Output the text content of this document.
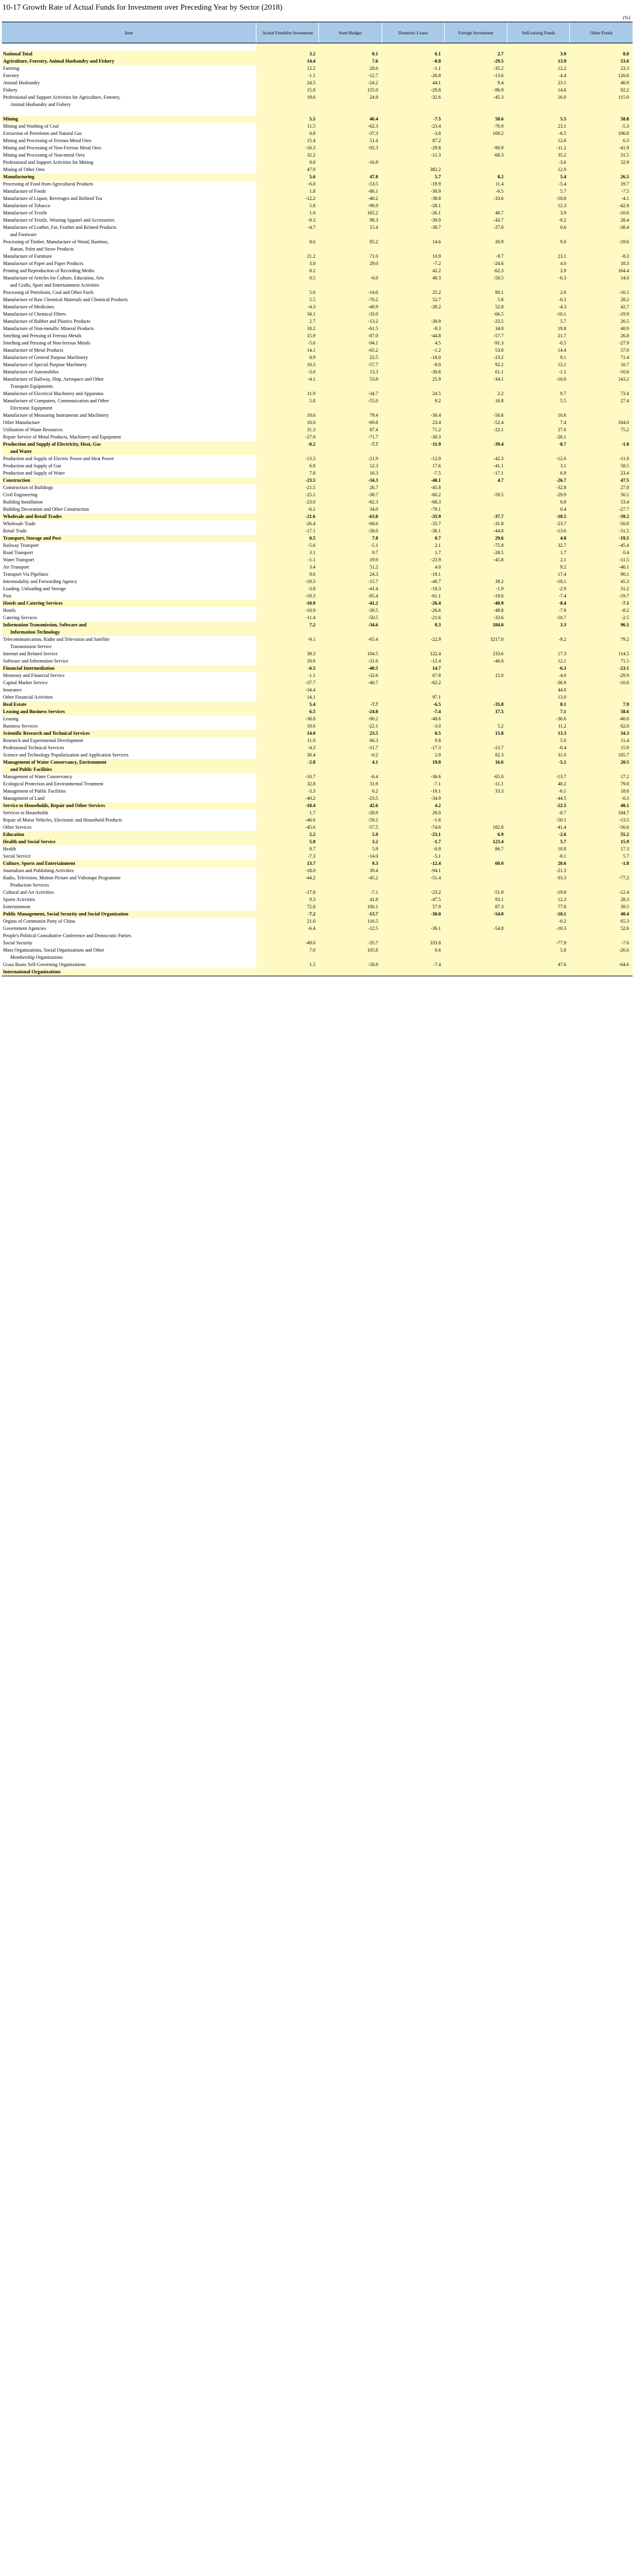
10-17 Growth Rate of Actual Funds for Investment over Preceding Year by Sector (2018)
(%)
Item	Actual Fundsfor Investment	State Budget	Domestic Loans	Foreign Investment	Self-raising Funds	Other Funds

National Total	3.2	0.1	6.1	2.7	3.9	8.0
Agriculture, Forestry, Animal Husbandry and Fishery	14.4	7.6	-8.8	-29.5	13.9	53.6
Farming	12.2	28.6	-1.1	-35.2	12.2	23.3
Forestry	-1.1	-12.7	-26.8	-13.6	-4.4	120.6
Animal Husbandry	24.5	-24.2	44.1	9.4	23.1	46.9
Fishery	15.8	155.0	-29.8	-96.9	14.8	92.2
Professional and Support Activities for Agriculture, Forestry,	19.6	24.9	-32.6	-45.3	16.0	115.0
Animal Husbandry and Fishery						

Mining	5.5	46.4	-7.5	58.6	5.5	58.8
Mining and Washing of Coal	11.5	-62.3	-23.4	-76.9	23.1	-5.3
Extraction of Petroleum and Natural Gas	0.8	-37.3	-3.8	100.2	-6.5	106.8
Mining and Processing of Ferrous Metal Ores	15.4	51.4	87.2		12.6	6.3
Mining and Processing of Non-Ferrous Metal Ores	-16.3	-92.3	-29.8	-90.9	-11.2	-41.9
Mining and Processing of Non-metal Ores	32.2		-11.3	-68.3	35.2	31.5
Professional and Support Activities for Mining	9.0	-16.8			-3.6	32.9
Mining of Other Ores	47.9		382.2		12.9	
Manufacturing	5.6	47.8	5.7	8.2	5.4	26.5
Processing of Food from Agricultural Products	-6.0	-53.5	-19.9	11.4	-5.4	19.7
Manufacture of Foods	1.8	-86.1	-30.9	-6.5	5.7	-7.5
Manufacture of Liquor, Beverages and Refined Tea	-12.2	-40.2	-38.8	-33.6	-10.8	-4.1
Manufacture of Tobacco	5.8	-96.9	-28.1		12.3	-42.9
Manufacture of Textile	1.0	165.2	-26.1	40.7	3.9	-10.6
Manufacture of Textile, Wearing Apparel and Accessories	-9.3	98.3	-30.9	-43.7	-9.2	28.4
Manufacture of Leather, Fur, Feather and Related Products	-4.7	15.4	-38.7	-27.0	0.6	-38.4
and Footware						
Processing of Timber, Manufacture of Wood, Bamboo,	8.6	85.2	14.6	20.9	9.0	-19.6
Rattan, Palm and Straw Products						
Manufacture of Furniture	21.2	71.0	10.9	-9.7	23.1	-8.3
Manufacture of Paper and Paper Products	3.0	29.0	-7.2	-24.6	4.0	18.3
Printing and Reproduction of Recording Media	8.2		42.2	-62.3	2.9	164.4
Manufacture of Articles for Culture, Education, Arts	0.5	-6.0	40.3	-50.5	-0.3	14.0
and Crafts, Sport and Entertainment Activities						
Processing of Petroleum, Coal and Other Fuels	5.6	-14.0	25.2	80.1	2.6	-16.1
Manufacture of Raw Chemical Materials and Chemical Products	5.5	-70.2	52.7	5.8	-0.3	28.2
Manufacture of Medicines	-4.3	-48.9	-28.2	52.8	-4.3	42.7
Manufacture of Chemical Fibers	34.1	-33.0		-66.5	-10.1	-19.9
Manufacture of Rubber and Plastics Products	2.7	-13.2	-30.9	-23.5	5.7	26.5
Manufacture of Non-metallic Mineral Products	18.2	-61.5	-8.3	34.0	19.8	40.9
Smelting and Pressing of Ferrous Metals	15.9	-87.0	-44.8	-57.7	21.7	26.8
Smelting and Pressing of Non-ferrous Metals	-5.6	-94.1	4.5	-91.3	-0.5	-27.9
Manufacture of Metal Products	14.1	-65.2	-1.2	53.0	14.4	57.0
Manufacture of General Purpose Machinery	8.9	22.5	-18.0	-23.2	9.1	71.4
Manufacture of Special Purpose Machinery	10.3	-57.7	-8.0	92.2	12.1	10.7
Manufacture of Automobiles	-3.0	13.3	-30.6	61.1	-1.1	-10.6
Manufacture of Railway, Ship, Aerospace and Other	-4.1	53.8	25.9	-34.1	-10.0	143.2
Transport Equipments						
Manufacture of Electrical Machinery and Apparatus	11.9	-34.7	24.5	2.2	9.7	73.4
Manufacture of Computers, Communication and Other	5.8	-55.0	9.2	16.8	5.5	27.4
Electronic Equipment						
Manufacture of Measuring Instruments and Machinery	10.6	79.4	-30.4	-56.6	10.6	
Other Manufacture	10.0	-69.8	23.4	-52.4	7.4	164.0
Utilization of Waste Resources	31.3	87.4	71.2	-22.1	27.6	75.2
Repair Service of Metal Products, Machinery and Equipment	-27.0	-71.7	-30.3		-26.1	
Production and Supply of Electricity, Heat, Gas	-8.2	-7.7	-11.9	-39.4	-8.7	-1.8
and Water						
Production and Supply of Electric Power and Heat Power	-13.3	-21.9	-12.9	-42.3	-12.6	-11.9
Production and Supply of Gas	6.8	12.3	17.6	-41.1	3.1	58.5
Production and Supply of Water	7.8	16.3	-7.5	-17.1	6.9	23.4
Construction	-23.5	-34.3	-40.1	4.7	-26.7	47.5
Construction of Buildings	-21.5	26.7	-45.8		-32.8	27.8
Civil Engineering	-25.1	-38.7	-60.2	-59.5	-29.9	56.1
Building Installation	-23.0	-82.3	-68.3		0.8	53.4
Building Decoration and Other Construction	-6.1	34.0	-79.1		0.4	-27.7
Wholesale and Retail Trades	-21.6	-63.0	-35.9	-37.7	-18.5	-39.2
Wholesale Trade	-26.4	-68.6	-35.7	-31.8	-23.7	-50.0
Retail Trade	-17.1	-58.0	-36.1	-44.8	-13.6	-31.5
Transport, Storage and Post	0.5	7.8	0.7	29.6	4.8	-19.5
Railway Transport	-5.6	-5.1	2.1	-75.8	32.7	-45.4
Road Transport	3.1	9.7	1.7	-28.5	1.7	0.4
Water Transport	-1.1	19.9	-23.9	-45.8	2.1	-11.5
Air Transport	3.4	51.2	4.0		9.2	-46.1
Transport Via Pipelines	9.6	24.3	-19.1		17.4	90.1
Intermodality and Forwarding Agency	-19.3	-15.7	-40.7	39.2	-18.1	45.3
Loading, Unloading and Storage	-3.8	-41.4	-10.3	-1.9	-2.9	31.2
Post	-19.3	-85.4	-61.1	-19.6	-7.4	-19.7
Hotels and Catering Services	-10.9	-41.2	-26.4	-40.9	-8.4	-7.1
Hotels	-10.9	-39.5	-26.6	-48.8	-7.9	-8.2
Catering Services	-11.4	-50.5	-21.6	-33.6	-10.7	-2.5
Information Transmission, Software and	7.2	-34.6	8.3	184.0	3.3	96.1
Information Technology						
Telecommunication, Radio and Television and Satellite	-9.1	-65.4	-22.9	3217.0	-9.2	79.2
Transmission Service						
Internet and Related Service	39.3	104.5	122.4	233.6	17.3	114.5
Software and Information Service	10.6	-31.6	-12.4	-46.0	12.1	71.5
Financial Intermediation	-6.5	-40.5	14.7		-6.3	-23.1
Monetary and Financial Service	-1.1	-32.6	67.8	15.0	-4.0	-29.9
Capital Market Service	-37.7	-40.7	-62.2		-36.9	-10.8
Insurance	-34.4				44.8	
Other Financial Activities	14.1		97.1		13.0	
Real Estate	5.4	-7.7	-6.5	-35.8	8.1	7.9
Leasing and Business Services	6.5	-24.0	-7.4	17.5	7.1	58.6
Leasing	-38.8	-90.2	-48.6		-36.6	-40.0
Business Services	10.6	-22.1	-3.0	5.2	11.2	62.0
Scientific Research and Technical Services	14.0	23.5	0.5	15.8	13.3	34.3
Research and Experimental Development	11.0	66.3	9.8		5.0	11.4
Professional Technical Services	-4.3	-11.7	-17.3	-23.7	-0.4	15.9
Science and Technology Popularization and Application Services	30.4	-0.2	2.9	82.3	31.0	105.7
Management of Water Conservancy, Environment	-2.8	4.1	19.8	16.6	-5.1	20.5
and Public Facilities						
Management of Water Conservancy	-10.7	-6.4	-36.6	-65.0	-13.7	17.2
Ecological Protection and Environmental Treatment	32.8	31.9	-7.1	-11.1	40.2	79.8
Management of Public Facilities	-3.3	6.2	-18.1	33.3	-6.1	18.6
Management of Land	-40.2	-23.5	-34.9		-44.5	-0.3
Service to Households, Repair and Other Services	-18.4	42.6	4.2		-22.5	48.1
Services to Households	1.7	-28.9	26.0		-0.7	184.7
Repair of Motor Vehicles, Electronic and Household Products	-46.6	-59.2	-1.6		-50.1	-13.5
Other Services	-45.6	-57.5	-74.6	182.8	-41.4	-56.6
Education	2.2	5.9	-23.1	6.9	-2.6	55.2
Health and Social Service	5.8	3.2	-1.7	123.4	5.7	15.9
Health	9.7	5.9	-0.9	86.7	10.8	17.3
Social Service	-7.3	-14.0	-5.1		-8.1	5.7
Culture, Sports and Entertainment	13.7	9.3	-12.4	60.0	20.6	-1.8
Journalism and Publishing Activities	-18.0	39.4	-94.1		-21.3	
Radio, Television, Motion Picture and Videotape Programme	-44.2	-45.2	-51.4		-33.3	-77.2
Production Services						
Cultural and Art Activities	-17.8	-7.1	-23.2	-51.8	-19.8	-12.4
Sports Activities	9.3	41.8	-47.5	93.1	12.3	28.3
Entertainment	72.8	100.1	57.9	87.3	77.8	39.5
Public Management, Social Security and Social Organization	-7.2	-13.7	-30.0	-54.0	-10.1	40.4
Organs of Communist Party of China	21.0	116.5			-0.2	65.3
Government Agencies	-6.4	-12.5	-36.1	-54.8	-10.3	52.6
People's Political Consultative Conference and Democratic Parties						
Social Security	-49.6	-35.7	333.8		-77.9	-7.6
Mass Organizations, Social Organizations and Other	7.0	105.8	0.6		5.8	-26.6
Membership Organizations						
Grass Roots Self-Governing Organizations	1.5	-58.8	-7.4		47.6	-64.6
International Organizations						
